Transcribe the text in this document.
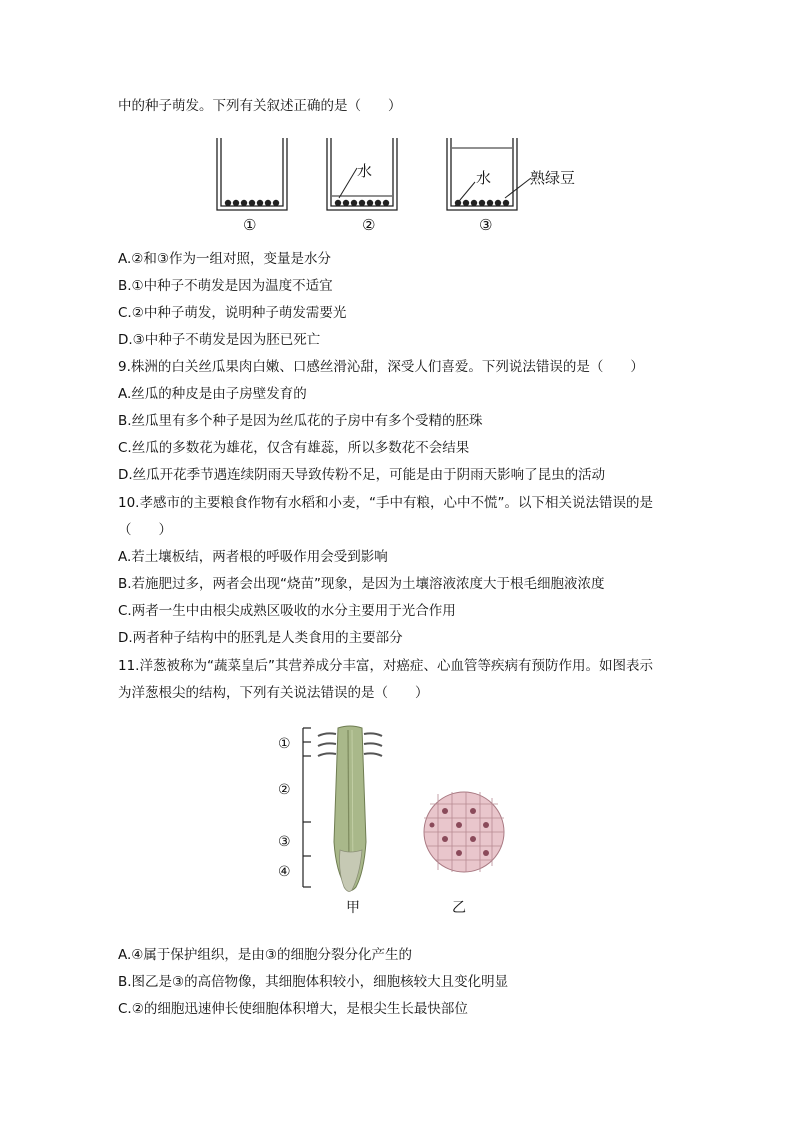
中的种子萌发。下列有关叙述正确的是（　　）
①	②	③
水	水	熟绿豆
A.②和③作为一组对照，变量是水分
B.①中种子不萌发是因为温度不适宜
C.②中种子萌发，说明种子萌发需要光
D.③中种子不萌发是因为胚已死亡
9.株洲的白关丝瓜果肉白嫩、口感丝滑沁甜，深受人们喜爱。下列说法错误的是（　　）
A.丝瓜的种皮是由子房壁发育的
B.丝瓜里有多个种子是因为丝瓜花的子房中有多个受精的胚珠
C.丝瓜的多数花为雄花，仅含有雄蕊，所以多数花不会结果
D.丝瓜开花季节遇连续阴雨天导致传粉不足，可能是由于阴雨天影响了昆虫的活动
10.孝感市的主要粮食作物有水稻和小麦，“手中有粮，心中不慌”。以下相关说法错误的是
（　　）
A.若土壤板结，两者根的呼吸作用会受到影响
B.若施肥过多，两者会出现“烧苗”现象，是因为土壤溶液浓度大于根毛细胞液浓度
C.两者一生中由根尖成熟区吸收的水分主要用于光合作用
D.两者种子结构中的胚乳是人类食用的主要部分
11.洋葱被称为“蔬菜皇后”其营养成分丰富，对癌症、心血管等疾病有预防作用。如图表示
为洋葱根尖的结构，下列有关说法错误的是（　　）
①
②
③
④
甲	乙
A.④属于保护组织，是由③的细胞分裂分化产生的
B.图乙是③的高倍物像，其细胞体积较小，细胞核较大且变化明显
C.②的细胞迅速伸长使细胞体积增大，是根尖生长最快部位
